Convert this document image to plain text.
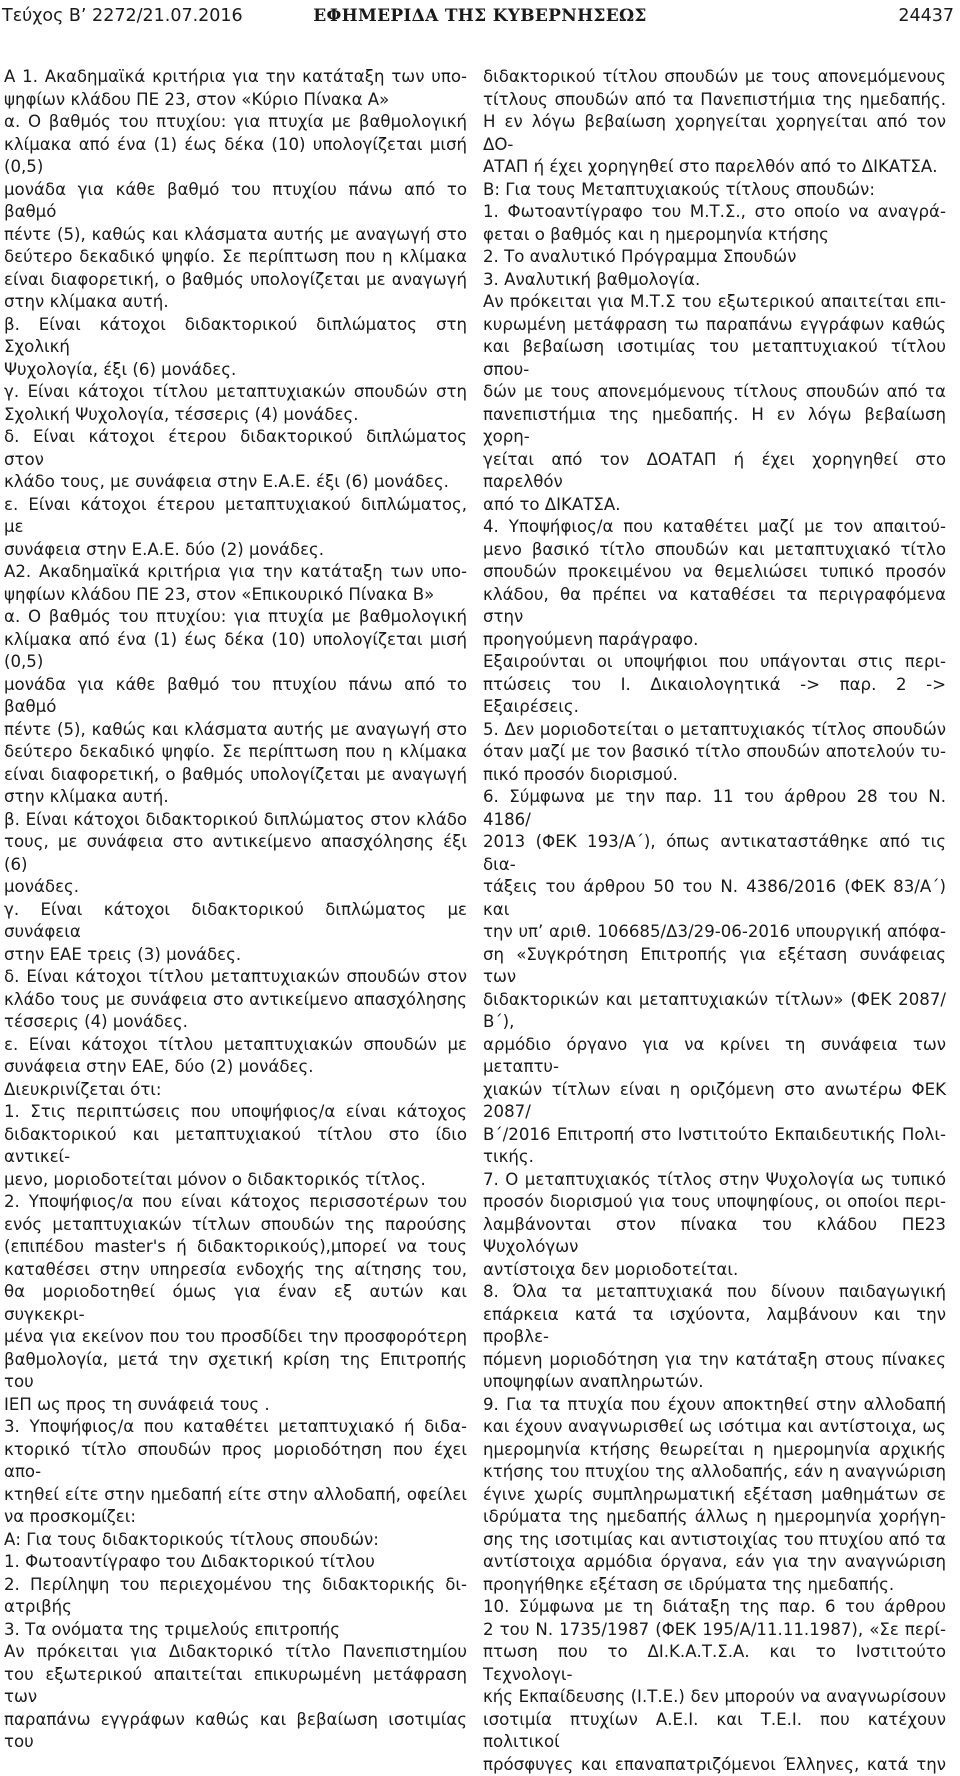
Τεύχος Β’ 2272/21.07.2016	ΕΦΗΜΕΡΙΔΑ ΤΗΣ ΚΥΒΕΡΝΗΣΕΩΣ	24437

Α 1. Ακαδημαϊκά κριτήρια για την κατάταξη των υπο-

ψηφίων κλάδου ΠΕ 23, στον «Κύριο Πίνακα Α»

α. Ο βαθμός του πτυχίου: για πτυχία με βαθμολογική

κλίμακα από ένα (1) έως δέκα (10) υπολογίζεται μισή (0,5)

μονάδα για κάθε βαθμό του πτυχίου πάνω από το βαθμό

πέντε (5), καθώς και κλάσματα αυτής με αναγωγή στο

δεύτερο δεκαδικό ψηφίο. Σε περίπτωση που η κλίμακα

είναι διαφορετική, ο βαθμός υπολογίζεται με αναγωγή

στην κλίμακα αυτή.

β. Είναι κάτοχοι διδακτορικού διπλώματος στη Σχολική

Ψυχολογία, έξι (6) μονάδες.

γ. Είναι κάτοχοι τίτλου μεταπτυχιακών σπουδών στη

Σχολική Ψυχολογία, τέσσερις (4) μονάδες.

δ. Είναι κάτοχοι έτερου διδακτορικού διπλώματος στον

κλάδο τους, με συνάφεια στην Ε.Α.Ε. έξι (6) μονάδες.

ε. Είναι κάτοχοι έτερου μεταπτυχιακού διπλώματος, με

συνάφεια στην Ε.Α.Ε. δύο (2) μονάδες.

Α2. Ακαδημαϊκά κριτήρια για την κατάταξη των υπο-

ψηφίων κλάδου ΠΕ 23, στον «Επικουρικό Πίνακα Β»

α. Ο βαθμός του πτυχίου: για πτυχία με βαθμολογική

κλίμακα από ένα (1) έως δέκα (10) υπολογίζεται μισή (0,5)

μονάδα για κάθε βαθμό του πτυχίου πάνω από το βαθμό

πέντε (5), καθώς και κλάσματα αυτής με αναγωγή στο

δεύτερο δεκαδικό ψηφίο. Σε περίπτωση που η κλίμακα

είναι διαφορετική, ο βαθμός υπολογίζεται με αναγωγή

στην κλίμακα αυτή.

β. Είναι κάτοχοι διδακτορικού διπλώματος στον κλάδο

τους, με συνάφεια στο αντικείμενο απασχόλησης έξι (6)

μονάδες.

γ. Είναι κάτοχοι διδακτορικού διπλώματος με συνάφεια

στην ΕΑΕ τρεις (3) μονάδες.

δ. Είναι κάτοχοι τίτλου μεταπτυχιακών σπουδών στον

κλάδο τους με συνάφεια στο αντικείμενο απασχόλησης

τέσσερις (4) μονάδες.

ε. Είναι κάτοχοι τίτλου μεταπτυχιακών σπουδών με

συνάφεια στην ΕΑΕ, δύο (2) μονάδες.

Διευκρινίζεται ότι:

1. Στις περιπτώσεις που υποψήφιος/α είναι κάτοχος

διδακτορικού και μεταπτυχιακού τίτλου στο ίδιο αντικεί-

μενο, μοριοδοτείται μόνον ο διδακτορικός τίτλος.

2. Υποψήφιος/α που είναι κάτοχος περισσοτέρων του

ενός μεταπτυχιακών τίτλων σπουδών της παρούσης

(επιπέδου master's ή διδακτορικούς),μπορεί να τους

καταθέσει στην υπηρεσία ενδοχής της αίτησης του,

θα μοριοδοτηθεί όμως για έναν εξ αυτών και συγκεκρι-

μένα για εκείνον που του προσδίδει την προσφορότερη

βαθμολογία, μετά την σχετική κρίση της Επιτροπής του

ΙΕΠ ως προς τη συνάφειά τους .

3. Υποψήφιος/α που καταθέτει μεταπτυχιακό ή διδα-

κτορικό τίτλο σπουδών προς μοριοδότηση που έχει απο-

κτηθεί είτε στην ημεδαπή είτε στην αλλοδαπή, οφείλει

να προσκομίζει:

Α: Για τους διδακτορικούς τίτλους σπουδών:

1. Φωτοαντίγραφο του Διδακτορικού τίτλου

2. Περίληψη του περιεχομένου της διδακτορικής δι-

ατριβής

3. Τα ονόματα της τριμελούς επιτροπής

Αν πρόκειται για Διδακτορικό τίτλο Πανεπιστημίου

του εξωτερικού απαιτείται επικυρωμένη μετάφραση των

παραπάνω εγγράφων καθώς και βεβαίωση ισοτιμίας του

διδακτορικού τίτλου σπουδών με τους απονεμόμενους

τίτλους σπουδών από τα Πανεπιστήμια της ημεδαπής.

Η εν λόγω βεβαίωση χορηγείται χορηγείται από τον ΔΟ-

ΑΤΑΠ ή έχει χορηγηθεί στο παρελθόν από το ΔΙΚΑΤΣΑ.

Β: Για τους Μεταπτυχιακούς τίτλους σπουδών:

1. Φωτοαντίγραφο του Μ.Τ.Σ., στο οποίο να αναγρά-

φεται ο βαθμός και η ημερομηνία κτήσης

2. Το αναλυτικό Πρόγραμμα Σπουδών

3. Αναλυτική βαθμολογία.

Αν πρόκειται για Μ.Τ.Σ του εξωτερικού απαιτείται επι-

κυρωμένη μετάφραση τω παραπάνω εγγράφων καθώς

και βεβαίωση ισοτιμίας του μεταπτυχιακού τίτλου σπου-

δών με τους απονεμόμενους τίτλους σπουδών από τα

πανεπιστήμια της ημεδαπής. Η εν λόγω βεβαίωση χορη-

γείται από τον ΔΟΑΤΑΠ ή έχει χορηγηθεί στο παρελθόν

από το ΔΙΚΑΤΣΑ.

4. Υποψήφιος/α που καταθέτει μαζί με τον απαιτού-

μενο βασικό τίτλο σπουδών και μεταπτυχιακό τίτλο

σπουδών προκειμένου να θεμελιώσει τυπικό προσόν

κλάδου, θα πρέπει να καταθέσει τα περιγραφόμενα στην

προηγούμενη παράγραφο.

Εξαιρούνται οι υποψήφιοι που υπάγονται στις περι-

πτώσεις του Ι. Δικαιολογητικά -> παρ. 2 -> Εξαιρέσεις.

5. Δεν μοριοδοτείται ο μεταπτυχιακός τίτλος σπουδών

όταν μαζί με τον βασικό τίτλο σπουδών αποτελούν τυ-

πικό προσόν διορισμού.

6. Σύμφωνα με την παρ. 11 του άρθρου 28 του Ν. 4186/

2013 (ΦΕΚ 193/Α΄), όπως αντικαταστάθηκε από τις δια-

τάξεις του άρθρου 50 του Ν. 4386/2016 (ΦΕΚ 83/Α΄) και

την υπ’ αριθ. 106685/Δ3/29-06-2016 υπουργική απόφα-

ση «Συγκρότηση Επιτροπής για εξέταση συνάφειας των

διδακτορικών και μεταπτυχιακών τίτλων» (ΦΕΚ 2087/Β΄),

αρμόδιο όργανο για να κρίνει τη συνάφεια των μεταπτυ-

χιακών τίτλων είναι η οριζόμενη στο ανωτέρω ΦΕΚ 2087/

Β΄/2016 Επιτροπή στο Ινστιτούτο Εκπαιδευτικής Πολι-

τικής.

7. Ο μεταπτυχιακός τίτλος στην Ψυχολογία ως τυπικό

προσόν διορισμού για τους υποψηφίους, οι οποίοι περι-

λαμβάνονται στον πίνακα του κλάδου ΠΕ23 Ψυχολόγων

αντίστοιχα δεν μοριοδοτείται.

8. Όλα τα μεταπτυχιακά που δίνουν παιδαγωγική

επάρκεια κατά τα ισχύοντα, λαμβάνουν και την προβλε-

πόμενη μοριοδότηση για την κατάταξη στους πίνακες

υποψηφίων αναπληρωτών.

9. Για τα πτυχία που έχουν αποκτηθεί στην αλλοδαπή

και έχουν αναγνωρισθεί ως ισότιμα και αντίστοιχα, ως

ημερομηνία κτήσης θεωρείται η ημερομηνία αρχικής

κτήσης του πτυχίου της αλλοδαπής, εάν η αναγνώριση

έγινε χωρίς συμπληρωματική εξέταση μαθημάτων σε

ιδρύματα της ημεδαπής άλλως η ημερομηνία χορήγη-

σης της ισοτιμίας και αντιστοιχίας του πτυχίου από τα

αντίστοιχα αρμόδια όργανα, εάν για την αναγνώριση

προηγήθηκε εξέταση σε ιδρύματα της ημεδαπής.

10. Σύμφωνα με τη διάταξη της παρ. 6 του άρθρου

2 του Ν. 1735/1987 (ΦΕΚ 195/Α/11.11.1987), «Σε περί-

πτωση που το ΔΙ.Κ.Α.Τ.Σ.Α. και το Ινστιτούτο Τεχνολογι-

κής Εκπαίδευσης (Ι.Τ.Ε.) δεν μπορούν να αναγνωρίσουν

ισοτιμία πτυχίων Α.Ε.Ι. και Τ.Ε.Ι. που κατέχουν πολιτικοί

πρόσφυγες και επαναπατριζόμενοι Έλληνες, κατά την
